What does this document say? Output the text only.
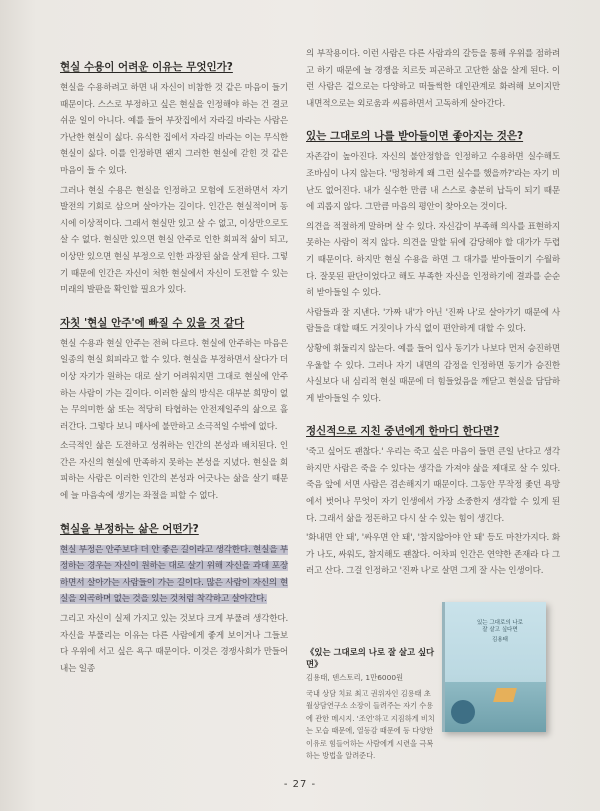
현실 수용이 어려운 이유는 무엇인가?

현실을 수용하려고 하면 내 자신이 비참한 것 같은 마음이 들기 때문이다. 스스로 부정하고 싶은 현실을 인정해야 하는 건 결코 쉬운 일이 아니다. 예를 들어 부잣집에서 자라길 바라는 사람은 가난한 현실이 싫다. 유식한 집에서 자라길 바라는 이는 무식한 현실이 싫다. 이를 인정하면 왠지 그러한 현실에 갇힌 것 같은 마음이 들 수 있다.

그러나 현실 수용은 현실을 인정하고 모험에 도전하면서 자기 발전의 기회로 삼으며 살아가는 길이다. 인간은 현실적이며 동시에 이상적이다. 그래서 현실만 있고 살 수 없고, 이상만으로도 살 수 없다. 현실만 있으면 현실 안주로 인한 회피적 삶이 되고, 이상만 있으면 현실 부정으로 인한 과장된 삶을 살게 된다. 그렇기 때문에 인간은 자신이 처한 현실에서 자신이 도전할 수 있는 미래의 발판을 확인할 필요가 있다.

자칫 '현실 안주'에 빠질 수 있을 것 같다

현실 수용과 현실 안주는 전혀 다르다. 현실에 안주하는 마음은 일종의 현실 회피라고 할 수 있다. 현실을 부정하면서 살다가 더 이상 자기가 원하는 대로 살기 어려워지면 그대로 현실에 안주하는 사람이 가는 길이다. 이러한 삶의 방식은 대부분 희망이 없는 무의미한 삶 또는 적당히 타협하는 안전제일주의 삶으로 흘러간다. 그렇다 보니 매사에 불만하고 소극적일 수밖에 없다.

소극적인 삶은 도전하고 성취하는 인간의 본성과 배치된다. 인간은 자신의 현실에 만족하지 못하는 본성을 지녔다. 현실을 회피하는 사람은 이러한 인간의 본성과 어긋나는 삶을 살기 때문에 늘 마음속에 생기는 좌절을 피할 수 없다.

현실을 부정하는 삶은 어떤가?

현실 부정은 안주보다 더 안 좋은 길이라고 생각한다. 현실을 부정하는 경우는 자신이 원하는 대로 살기 위해 자신을 과대 포장하면서 살아가는 사람들이 가는 길이다. 많은 사람이 자신의 현실을 외곡하며 없는 것을 있는 것처럼 착각하고 살아간다.

그리고 자신이 실제 가지고 있는 것보다 크게 부풀려 생각한다. 자신을 부풀리는 이유는 다른 사람에게 좋게 보이거나 그들보다 우위에 서고 싶은 욕구 때문이다. 이것은 경쟁사회가 만들어내는 일종

의 부작용이다. 이런 사람은 다른 사람과의 갈등을 통해 우위를 점하려고 하기 때문에 늘 경쟁을 치르듯 피곤하고 고단한 삶을 살게 된다. 이런 사람은 겉으로는 다양하고 떠들썩한 대인관계로 화려해 보이지만 내면적으로는 외로움과 씨름하면서 고독하게 살아간다.

있는 그대로의 나를 받아들이면 좋아지는 것은?

자존감이 높아진다. 자신의 불안정함을 인정하고 수용하면 실수해도 조바심이 나지 않는다. '멍청하게 왜 그런 실수를 했을까?'라는 자기 비난도 없어진다. 내가 실수한 만큼 내 스스로 충분히 납득이 되기 때문에 괴롭지 않다. 그만큼 마음의 평안이 찾아오는 것이다.

의견을 적절하게 말하며 살 수 있다. 자신감이 부족해 의사를 표현하지 못하는 사람이 적지 않다. 의견을 말할 뒤에 감당해야 할 대가가 두렵기 때문이다. 하지만 현실 수용을 하면 그 대가를 받아들이기 수월하다. 잘못된 판단이었다고 해도 부족한 자신을 인정하기에 결과를 순순히 받아들일 수 있다.

사람들과 잘 지낸다. '가짜 내'가 아닌 '진짜 나'로 살아가기 때문에 사람들을 대할 때도 거짓이나 가식 없이 편안하게 대할 수 있다.

상황에 휘둘리지 않는다. 예를 들어 입사 동기가 나보다 먼저 승진하면 우울할 수 있다. 그러나 자기 내면의 감정을 인정하면 동기가 승진한 사실보다 내 심리적 현실 때문에 더 힘들었음을 깨닫고 현실을 담담하게 받아들일 수 있다.

정신적으로 지친 중년에게 한마디 한다면?

'죽고 싶어도 괜찮다.' 우리는 죽고 싶은 마음이 들면 큰일 난다고 생각하지만 사람은 죽을 수 있다는 생각을 가져야 삶을 제대로 살 수 있다. 죽음 앞에 서면 사람은 겸손해지기 때문이다. 그동안 무작정 좇던 욕망에서 벗어나 무엇이 자기 인생에서 가장 소중한지 생각할 수 있게 된다. 그래서 삶을 정돈하고 다시 살 수 있는 힘이 생긴다.

'화내면 안 돼', '싸우면 안 돼', '참지않아야 안 돼' 등도 마찬가지다. 화가 나도, 싸워도, 참지해도 괜찮다. 어차피 인간은 연약한 존재라 다 그러고 산다. 그걸 인정하고 '진짜 나'로 살면 그게 잘 사는 인생이다.

《있는 그대로의 나로 잘 살고 싶다면》
김용태, 덴스토리, 1만6000원
국내 상담 치료 최고 권위자인 김용태 초월상담연구소 소장이 들려주는 자기 수용에 관한 메시지. '조언'하고 지짐하게 비치는 모습 때문에, 열등감 때문에 등 다양한 이유로 힘들어하는 사람에게 시련을 극복하는 방법을 알려준다.
있는 그대로의 나로
잘 살고 싶다면
김용태
- 27 -
